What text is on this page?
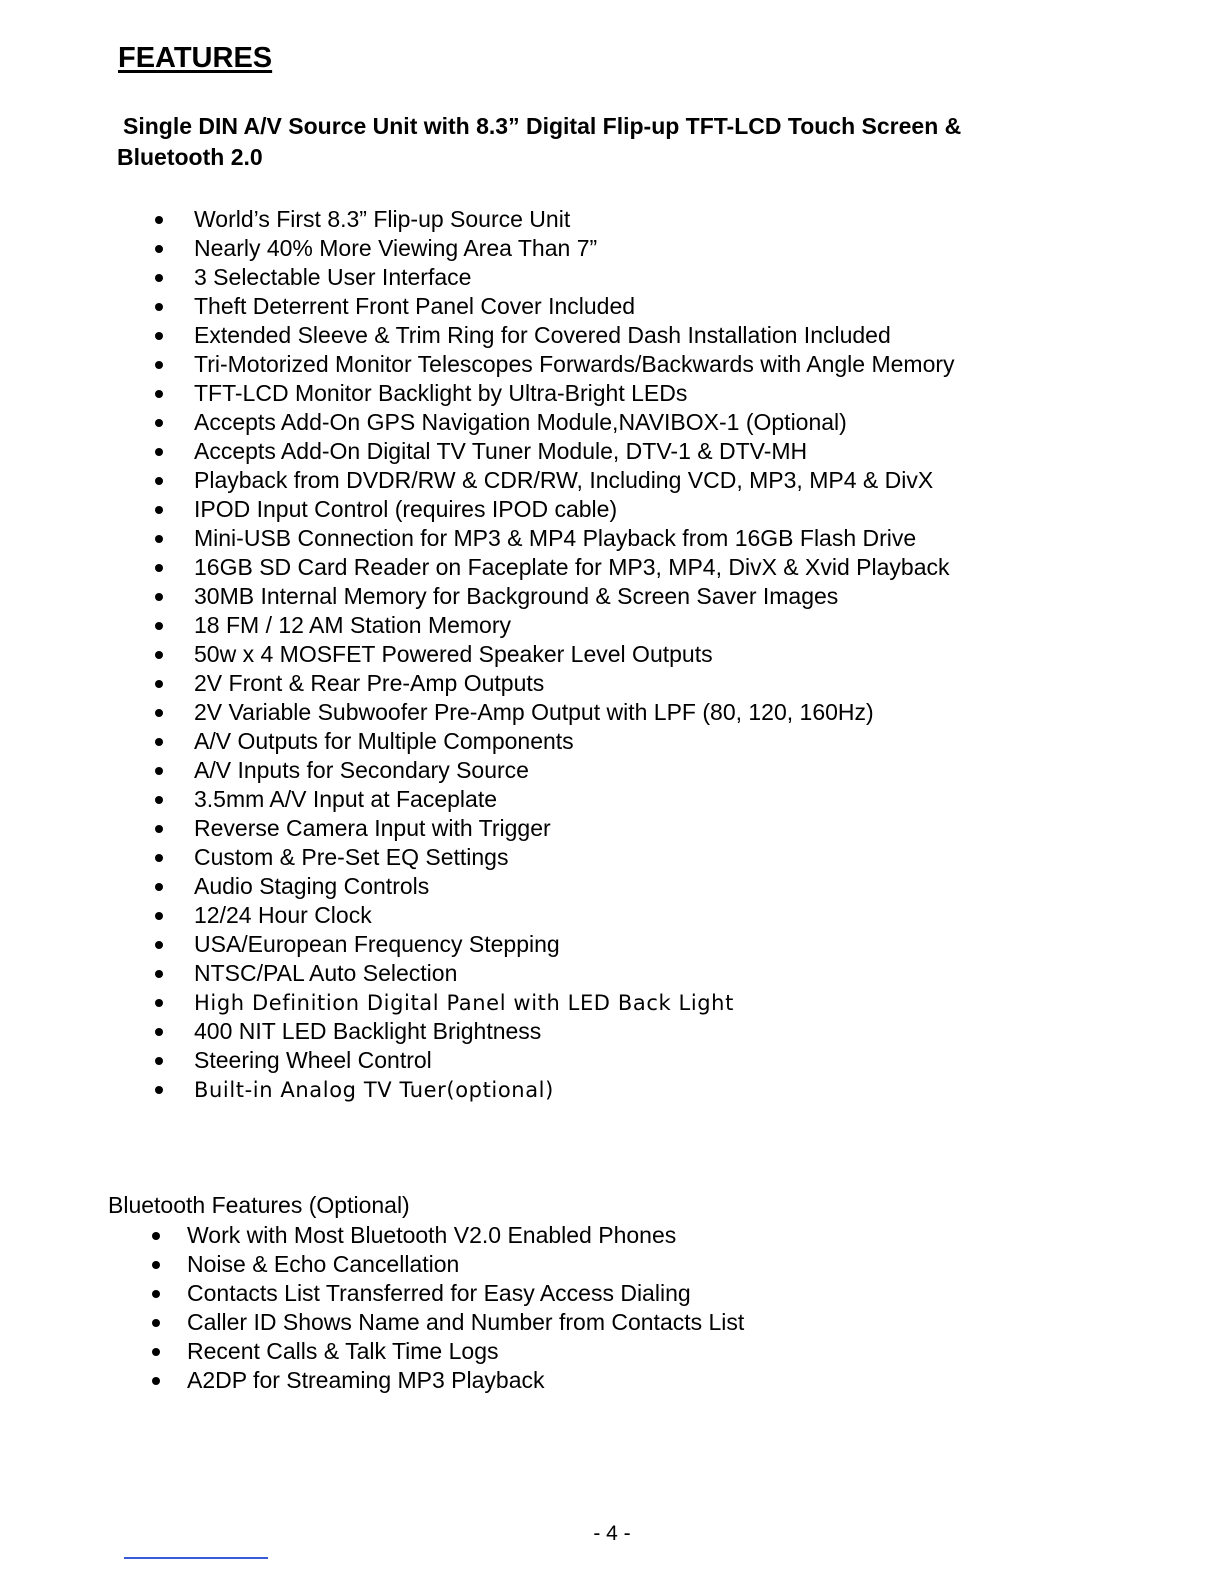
FEATURES

Single DIN A/V Source Unit with 8.3” Digital Flip-up TFT-LCD Touch Screen &
Bluetooth 2.0

World’s First 8.3” Flip-up Source Unit
Nearly 40% More Viewing Area Than 7”
3 Selectable User Interface
Theft Deterrent Front Panel Cover Included
Extended Sleeve & Trim Ring for Covered Dash Installation Included
Tri-Motorized Monitor Telescopes Forwards/Backwards with Angle Memory
TFT-LCD Monitor Backlight by Ultra-Bright LEDs
Accepts Add-On GPS Navigation Module,NAVIBOX-1 (Optional)
Accepts Add-On Digital TV Tuner Module, DTV-1 & DTV-MH
Playback from DVDR/RW & CDR/RW, Including VCD, MP3, MP4 & DivX
IPOD Input Control (requires IPOD cable)
Mini-USB Connection for MP3 & MP4 Playback from 16GB Flash Drive
16GB SD Card Reader on Faceplate for MP3, MP4, DivX & Xvid Playback
30MB Internal Memory for Background & Screen Saver Images
18 FM / 12 AM Station Memory
50w x 4 MOSFET Powered Speaker Level Outputs
2V Front & Rear Pre-Amp Outputs
2V Variable Subwoofer Pre-Amp Output with LPF (80, 120, 160Hz)
A/V Outputs for Multiple Components
A/V Inputs for Secondary Source
3.5mm A/V Input at Faceplate
Reverse Camera Input with Trigger
Custom & Pre-Set EQ Settings
Audio Staging Controls
12/24 Hour Clock
USA/European Frequency Stepping
NTSC/PAL Auto Selection
High Definition Digital Panel with LED Back Light
400 NIT LED Backlight Brightness
Steering Wheel Control
Built-in Analog TV Tuer(optional)

Bluetooth Features (Optional)

Work with Most Bluetooth V2.0 Enabled Phones
Noise & Echo Cancellation
Contacts List Transferred for Easy Access Dialing
Caller ID Shows Name and Number from Contacts List
Recent Calls & Talk Time Logs
A2DP for Streaming MP3 Playback

- 4 -
